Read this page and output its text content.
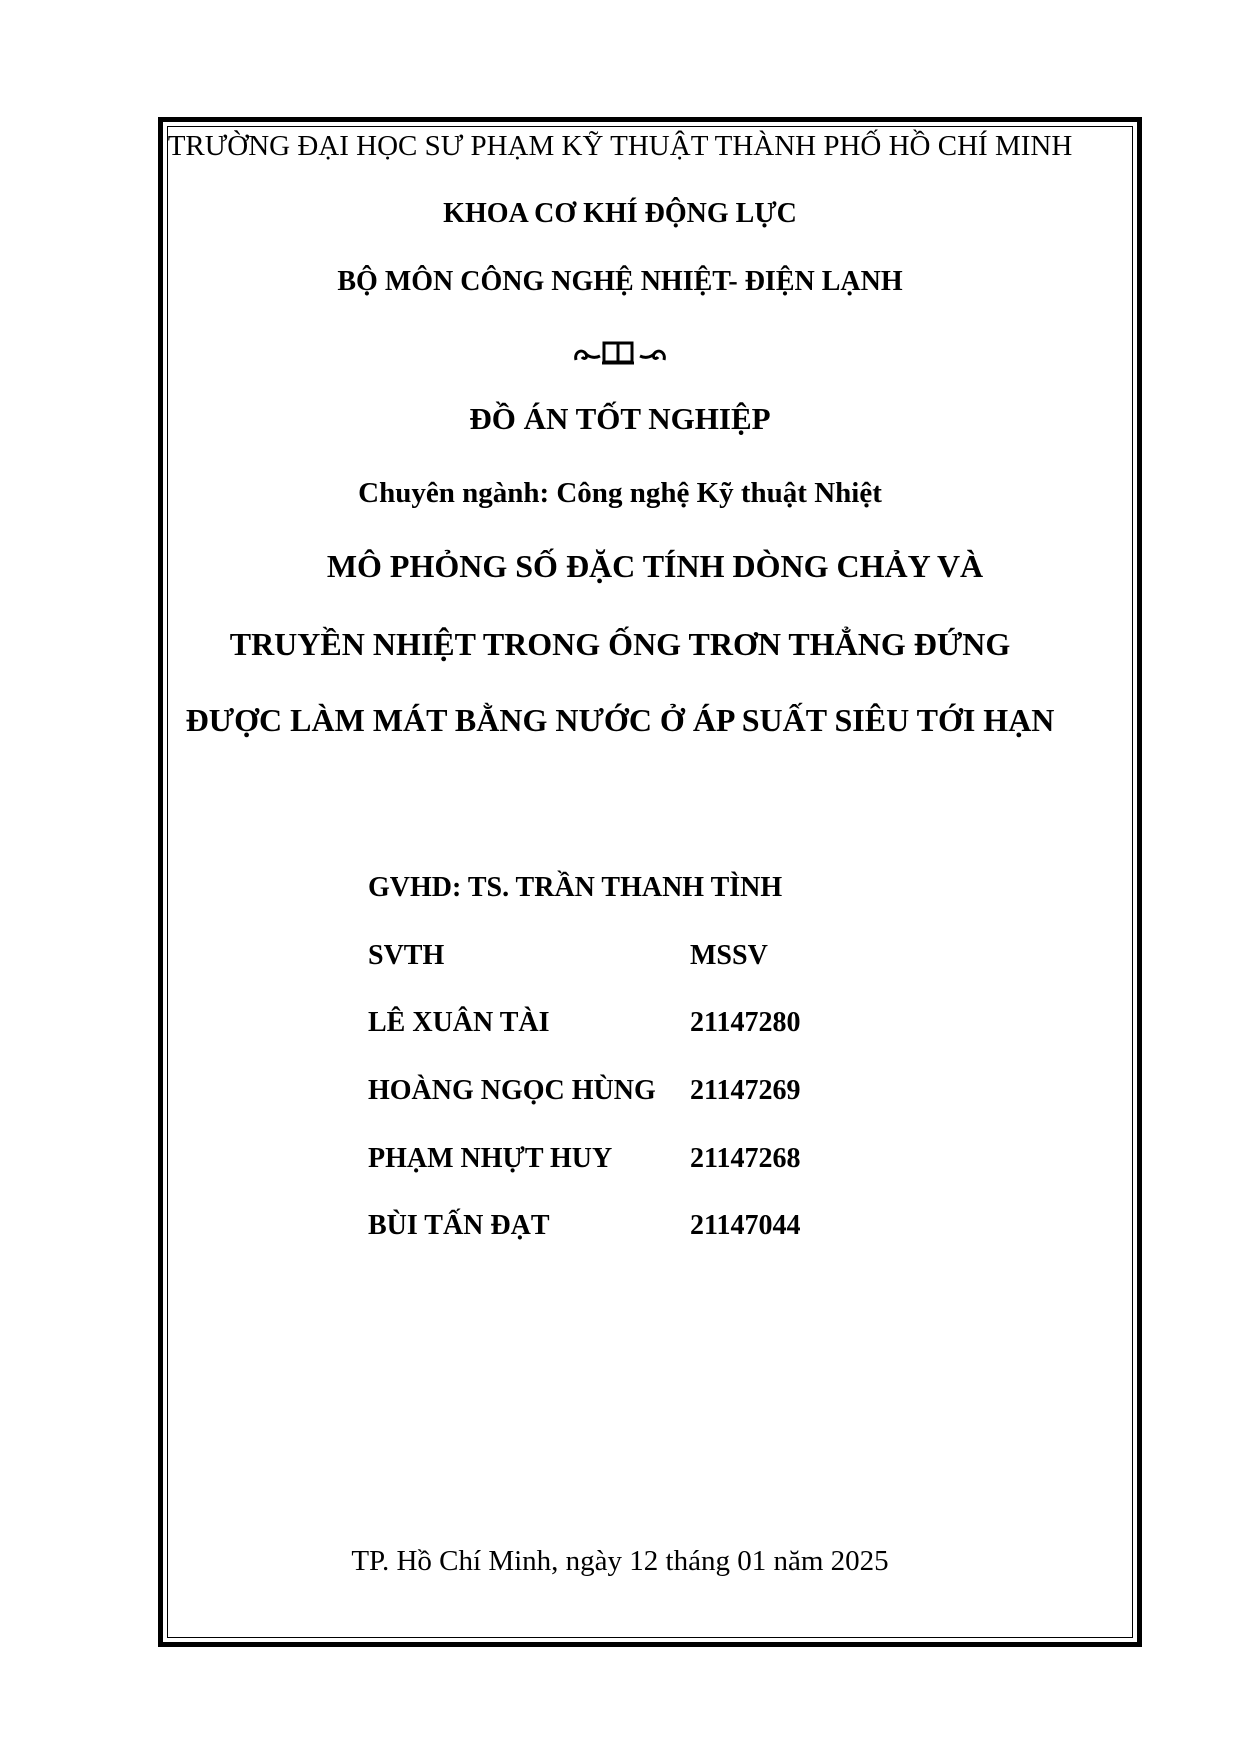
TRƯỜNG ĐẠI HỌC SƯ PHẠM KỸ THUẬT THÀNH PHỐ HỒ CHÍ MINH
KHOA CƠ KHÍ ĐỘNG LỰC
BỘ MÔN CÔNG NGHỆ NHIỆT- ĐIỆN LẠNH
ĐỒ ÁN TỐT NGHIỆP
Chuyên ngành: Công nghệ Kỹ thuật Nhiệt
MÔ PHỎNG SỐ ĐẶC TÍNH DÒNG CHẢY VÀ
TRUYỀN NHIỆT TRONG ỐNG TRƠN THẲNG ĐỨNG
ĐƯỢC LÀM MÁT BẰNG NƯỚC Ở ÁP SUẤT SIÊU TỚI HẠN
GVHD: TS. TRẦN THANH TÌNH
SVTH	MSSV
LÊ XUÂN TÀI	21147280
HOÀNG NGỌC HÙNG 21147269
PHẠM NHỰT HUY	21147268
BÙI TẤN ĐẠT	21147044
TP. Hồ Chí Minh, ngày 12 tháng 01 năm 2025
